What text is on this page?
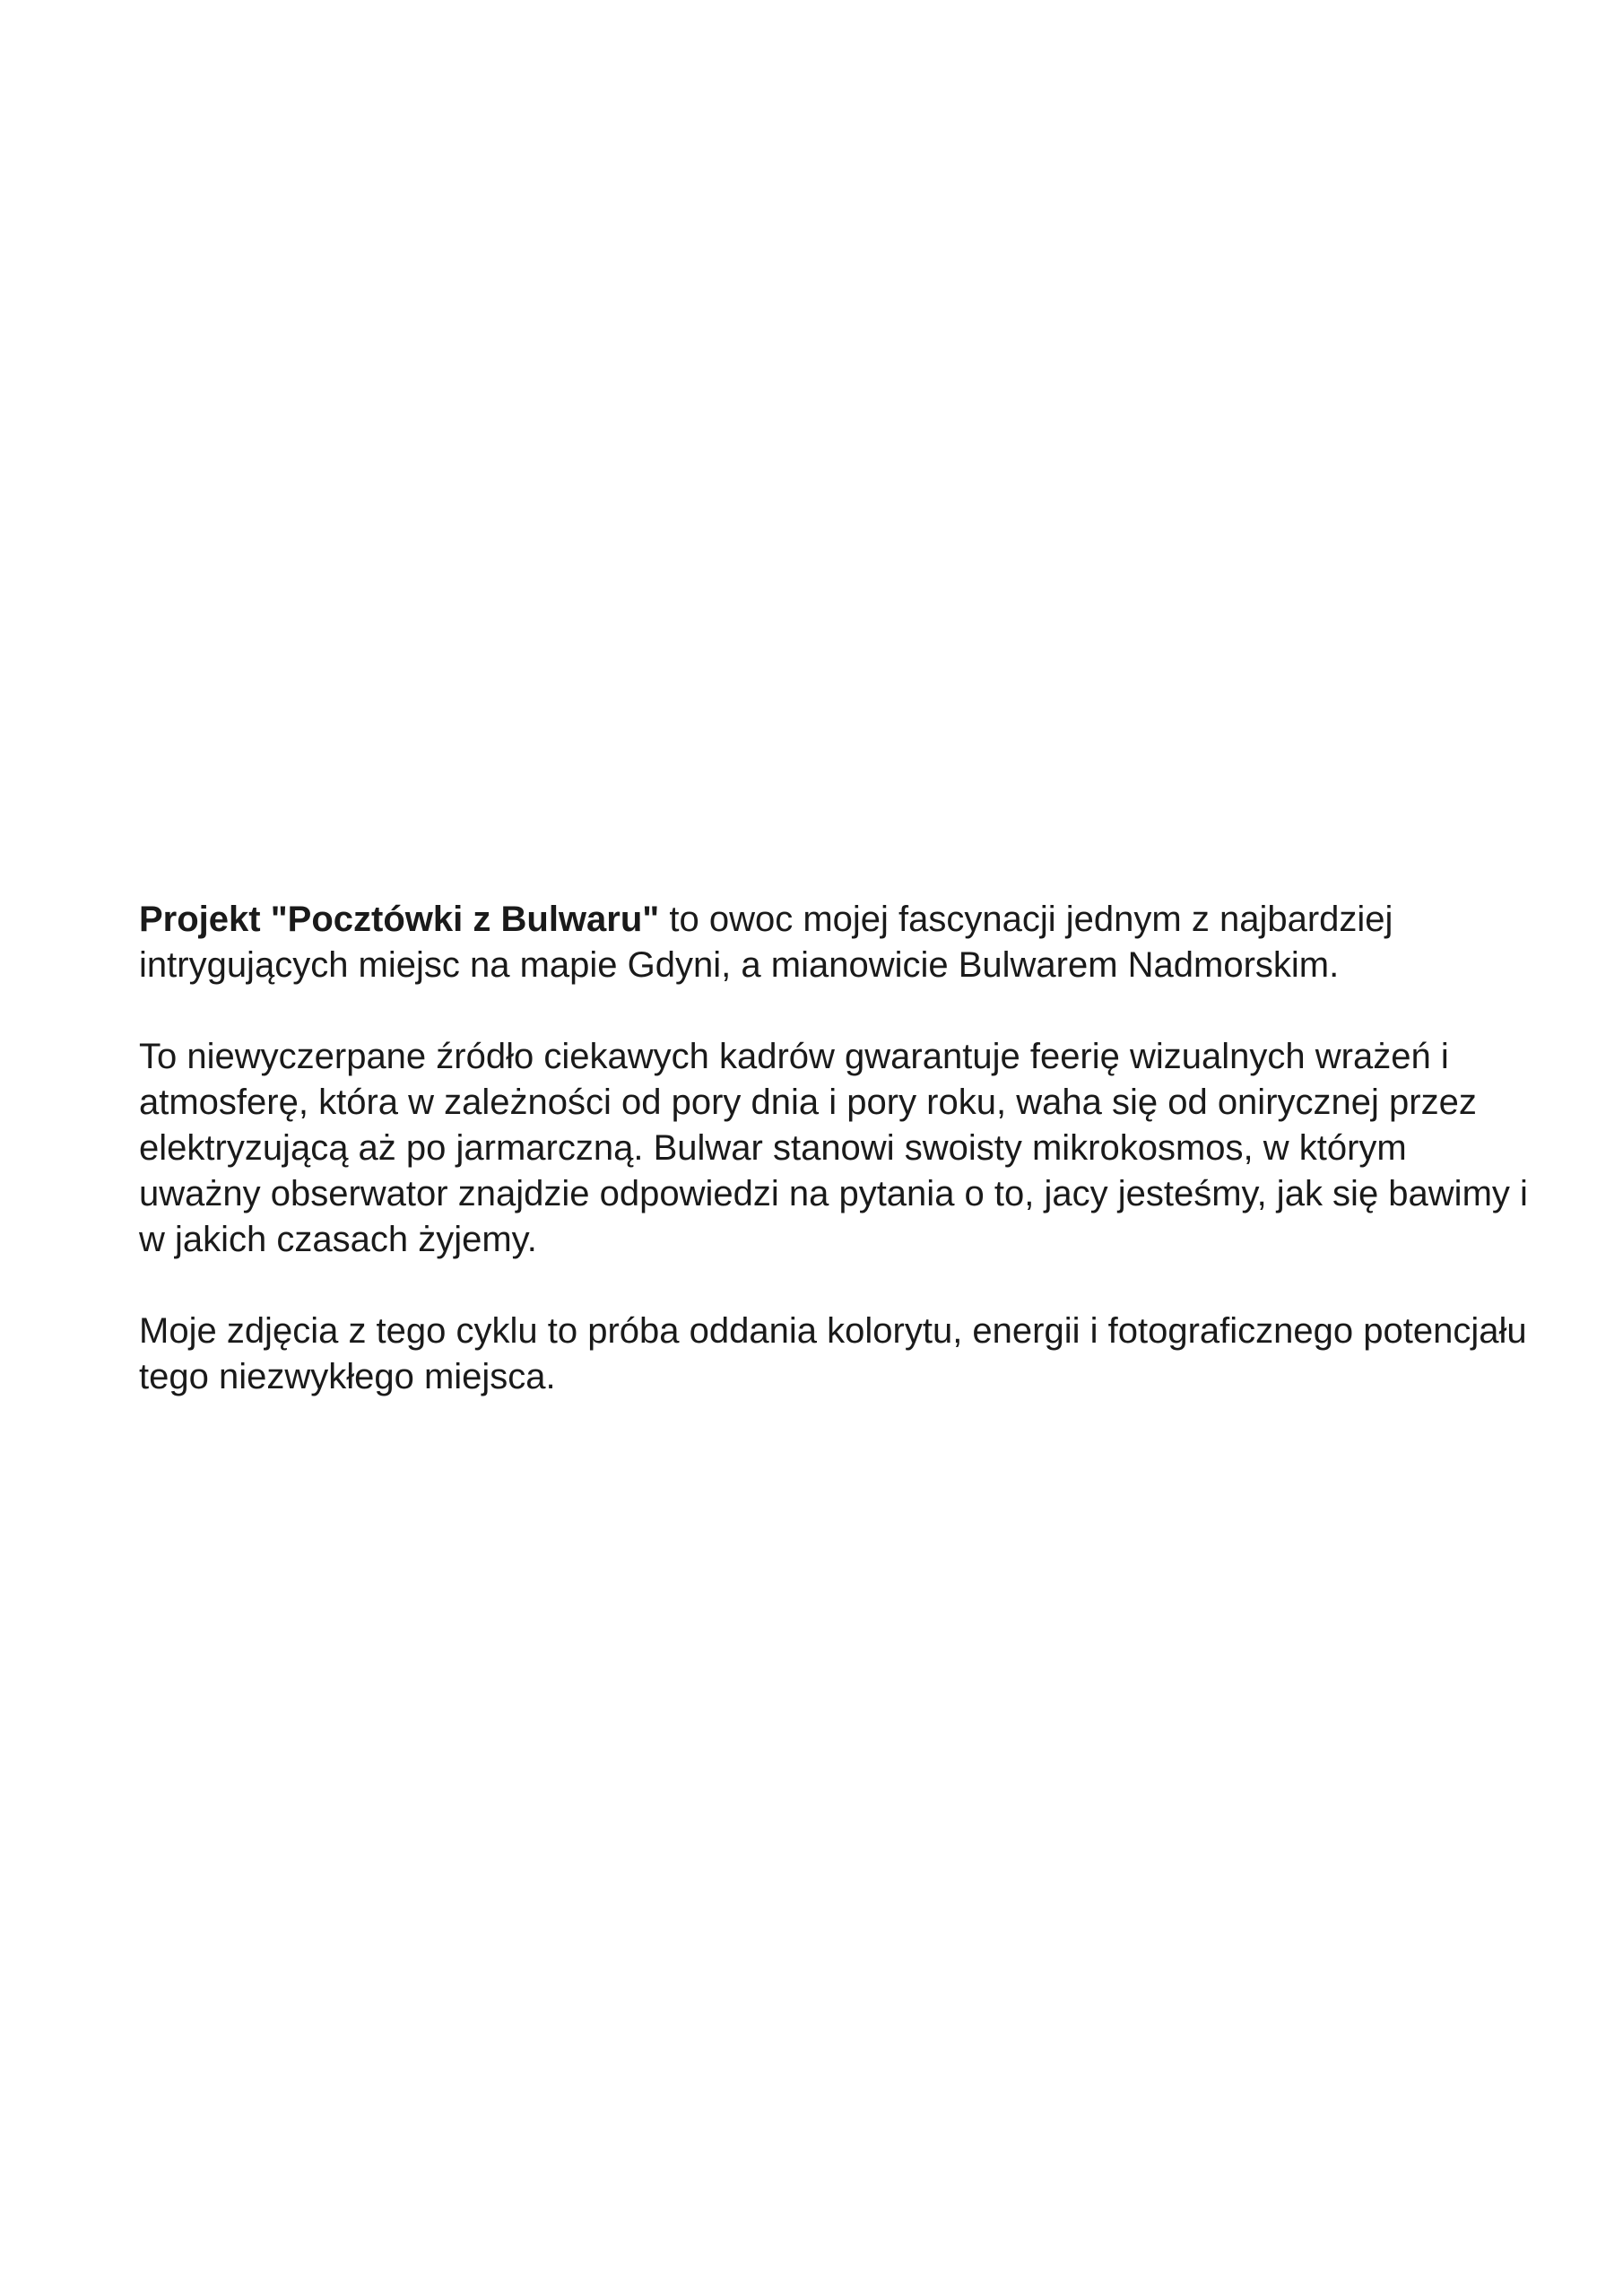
Projekt "Pocztówki z Bulwaru" to owoc mojej fascynacji jednym z najbardziej intrygujących miejsc na mapie Gdyni, a mianowicie Bulwarem Nadmorskim.

To niewyczerpane źródło ciekawych kadrów gwarantuje feerię wizualnych wrażeń i atmosferę, która w zależności od pory dnia i pory roku, waha się od onirycznej przez elektryzującą aż po jarmarczną. Bulwar stanowi swoisty mikrokosmos, w którym uważny obserwator znajdzie odpowiedzi na pytania o to, jacy jesteśmy, jak się bawimy i w jakich czasach żyjemy.

Moje zdjęcia z tego cyklu to próba oddania kolorytu, energii i fotograficznego potencjału tego niezwykłego miejsca.
